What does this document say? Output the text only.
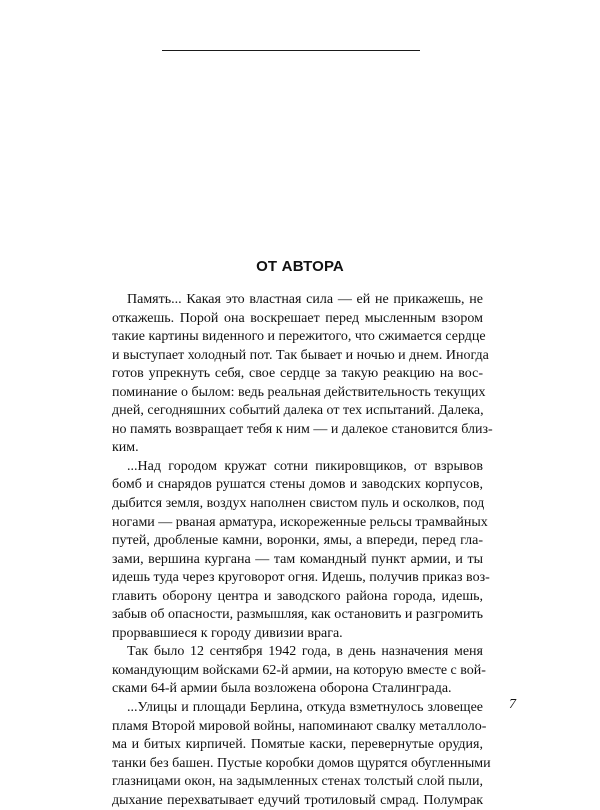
ОТ АВТОРА

Память... Какая это властная сила — ей не прикажешь, не
откажешь. Порой она воскрешает перед мысленным взором
такие картины виденного и пережитого, что сжимается сердце
и выступает холодный пот. Так бывает и ночью и днем. Иногда
готов упрекнуть себя, свое сердце за такую реакцию на вос-
поминание о былом: ведь реальная действительность текущих
дней, сегодняшних событий далека от тех испытаний. Далека,
но память возвращает тебя к ним — и далекое становится близ-
ким.

...Над городом кружат сотни пикировщиков, от взрывов
бомб и снарядов рушатся стены домов и заводских корпусов,
дыбится земля, воздух наполнен свистом пуль и осколков, под
ногами — рваная арматура, искореженные рельсы трамвайных
путей, дробленые камни, воронки, ямы, а впереди, перед гла-
зами, вершина кургана — там командный пункт армии, и ты
идешь туда через круговорот огня. Идешь, получив приказ воз-
главить оборону центра и заводского района города, идешь,
забыв об опасности, размышляя, как остановить и разгромить
прорвавшиеся к городу дивизии врага.

Так было 12 сентября 1942 года, в день назначения меня
командующим войсками 62-й армии, на которую вместе с вой-
сками 64-й армии была возложена оборона Сталинграда.

...Улицы и площади Берлина, откуда взметнулось зловещее
пламя Второй мировой войны, напоминают свалку металлоло-
ма и битых кирпичей. Помятые каски, перевернутые орудия,
танки без башен. Пустые коробки домов щурятся обугленными
глазницами окон, на задымленных стенах толстый слой пыли,
дыхание перехватывает едучий тротиловый смрад. Полумрак

7
